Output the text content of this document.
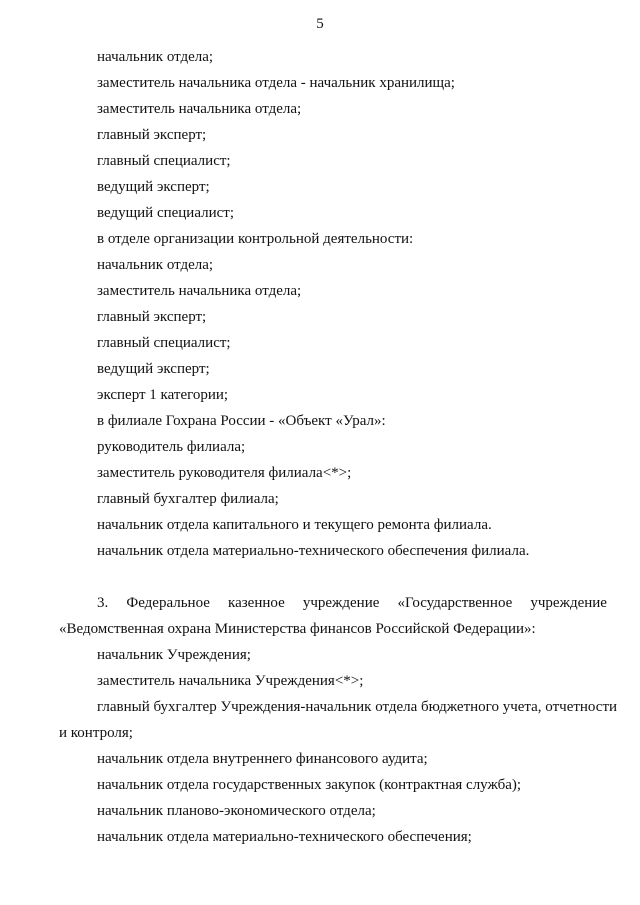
5

начальник отдела;

заместитель начальника отдела - начальник хранилища;

заместитель начальника отдела;

главный эксперт;

главный специалист;

ведущий эксперт;

ведущий специалист;

в отделе организации контрольной деятельности:

начальник отдела;

заместитель начальника отдела;

главный эксперт;

главный специалист;

ведущий эксперт;

эксперт 1 категории;

в филиале Гохрана России - «Объект «Урал»:

руководитель филиала;

заместитель руководителя филиала<*>;

главный бухгалтер филиала;

начальник отдела капитального и текущего ремонта филиала.

начальник отдела материально-технического обеспечения филиала.

3. Федеральное казенное учреждение «Государственное учреждение

«Ведомственная охрана Министерства финансов Российской Федерации»:

начальник Учреждения;

заместитель начальника Учреждения<*>;

главный бухгалтер Учреждения-начальник отдела бюджетного учета, отчетности

и контроля;

начальник отдела внутреннего финансового аудита;

начальник отдела государственных закупок (контрактная служба);

начальник планово-экономического отдела;

начальник отдела материально-технического обеспечения;
